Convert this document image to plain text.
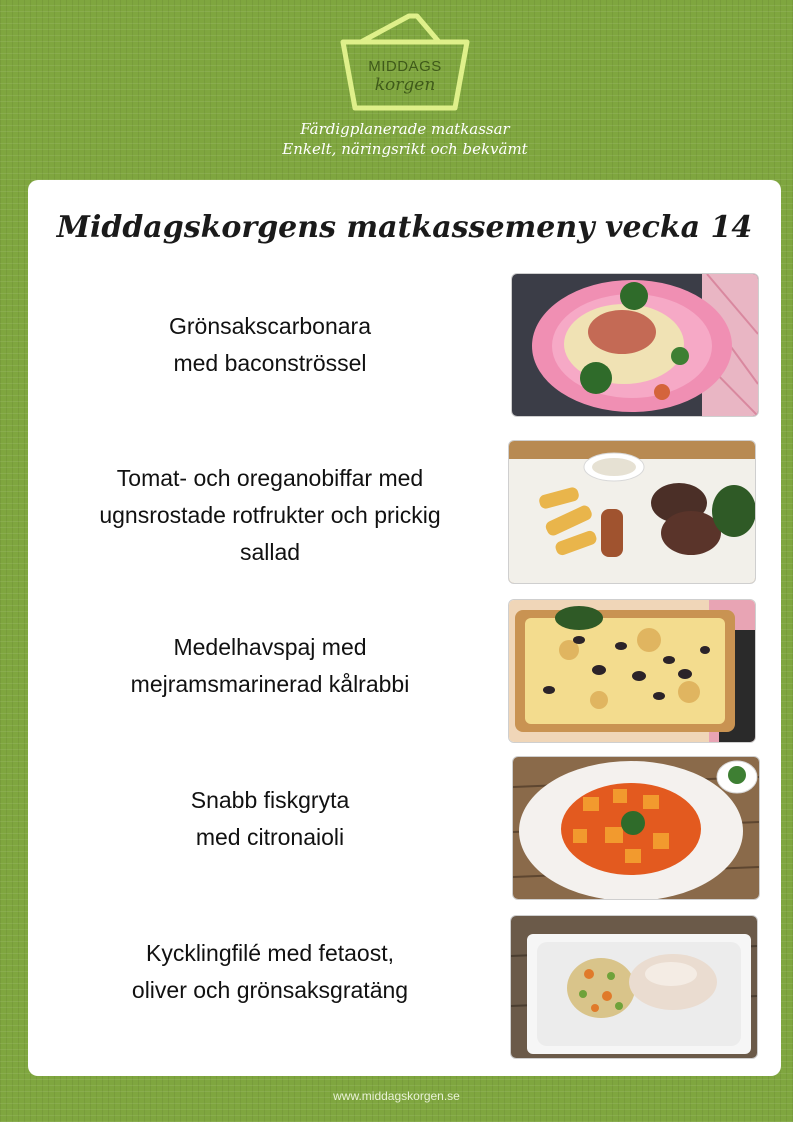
MIDDAGS
korgen
Färdigplanerade matkassar
Enkelt, näringsrikt och bekvämt
Middagskorgens matkassemeny vecka 14
Grönsakscarbonara
med baconströssel
Tomat- och oreganobiffar med
ugnsrostade rotfrukter och prickig
sallad
Medelhavspaj med
mejramsmarinerad kålrabbi
Snabb fiskgryta
med citronaioli
Kycklingfilé med fetaost,
oliver och grönsaksgratäng
www.middagskorgen.se
